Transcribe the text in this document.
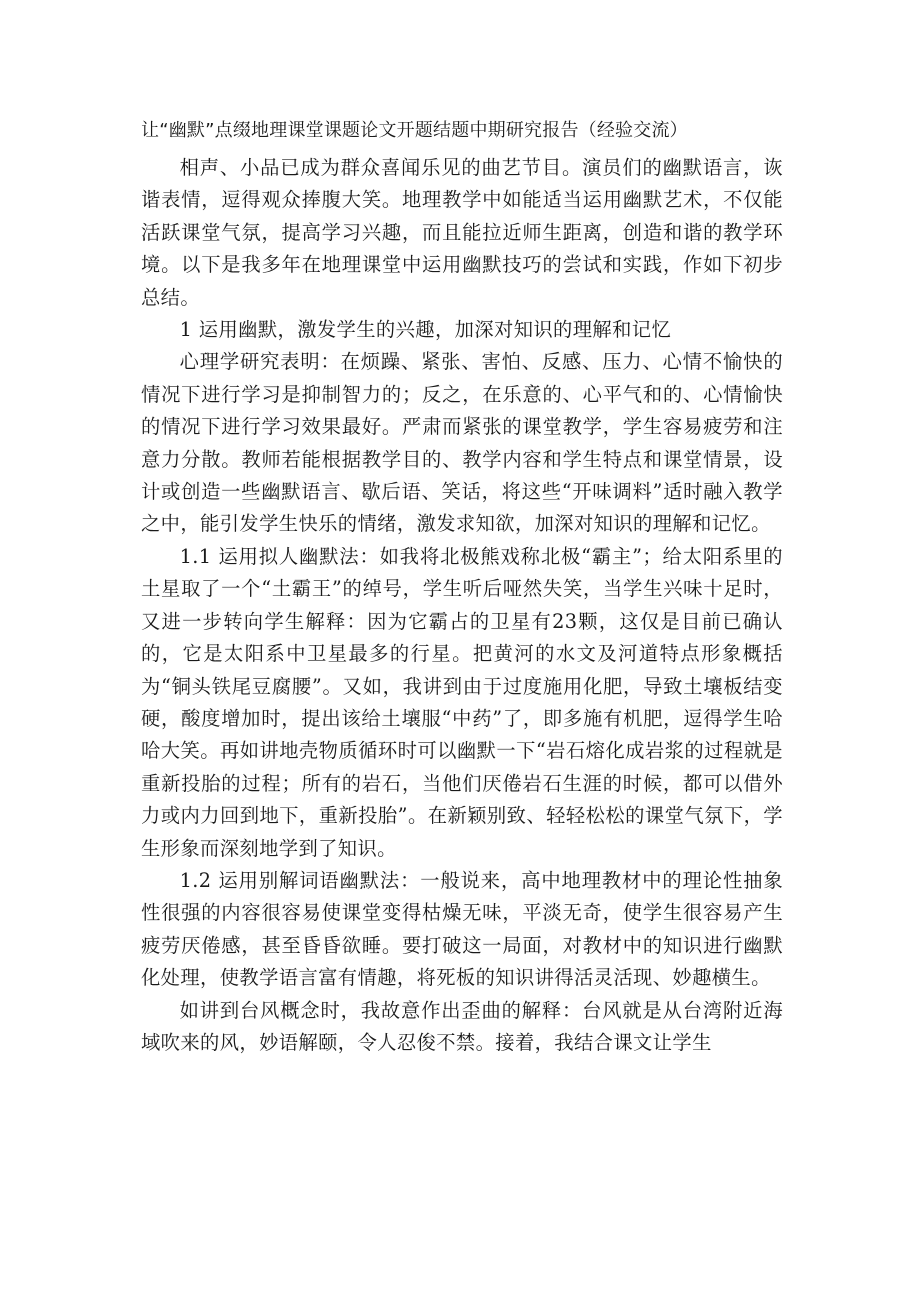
让“幽默”点缀地理课堂课题论文开题结题中期研究报告（经验交流）

相声、小品已成为群众喜闻乐见的曲艺节目。演员们的幽默语言，诙谐表情，逗得观众捧腹大笑。地理教学中如能适当运用幽默艺术，不仅能活跃课堂气氛，提高学习兴趣，而且能拉近师生距离，创造和谐的教学环境。以下是我多年在地理课堂中运用幽默技巧的尝试和实践，作如下初步总结。

1 运用幽默，激发学生的兴趣，加深对知识的理解和记忆

心理学研究表明：在烦躁、紧张、害怕、反感、压力、心情不愉快的情况下进行学习是抑制智力的；反之，在乐意的、心平气和的、心情愉快的情况下进行学习效果最好。严肃而紧张的课堂教学，学生容易疲劳和注意力分散。教师若能根据教学目的、教学内容和学生特点和课堂情景，设计或创造一些幽默语言、歇后语、笑话，将这些“开味调料”适时融入教学之中，能引发学生快乐的情绪，激发求知欲，加深对知识的理解和记忆。

1.1 运用拟人幽默法：如我将北极熊戏称北极“霸主”；给太阳系里的土星取了一个“土霸王”的绰号，学生听后哑然失笑，当学生兴味十足时，又进一步转向学生解释：因为它霸占的卫星有23颗，这仅是目前已确认的，它是太阳系中卫星最多的行星。把黄河的水文及河道特点形象概括为“铜头铁尾豆腐腰”。又如，我讲到由于过度施用化肥，导致土壤板结变硬，酸度增加时，提出该给土壤服“中药”了，即多施有机肥，逗得学生哈哈大笑。再如讲地壳物质循环时可以幽默一下“岩石熔化成岩浆的过程就是重新投胎的过程；所有的岩石，当他们厌倦岩石生涯的时候，都可以借外力或内力回到地下，重新投胎”。在新颖别致、轻轻松松的课堂气氛下，学生形象而深刻地学到了知识。

1.2 运用别解词语幽默法：一般说来，高中地理教材中的理论性抽象性很强的内容很容易使课堂变得枯燥无味，平淡无奇，使学生很容易产生疲劳厌倦感，甚至昏昏欲睡。要打破这一局面，对教材中的知识进行幽默化处理，使教学语言富有情趣，将死板的知识讲得活灵活现、妙趣横生。

如讲到台风概念时，我故意作出歪曲的解释：台风就是从台湾附近海域吹来的风，妙语解颐，令人忍俊不禁。接着，我结合课文让学生
